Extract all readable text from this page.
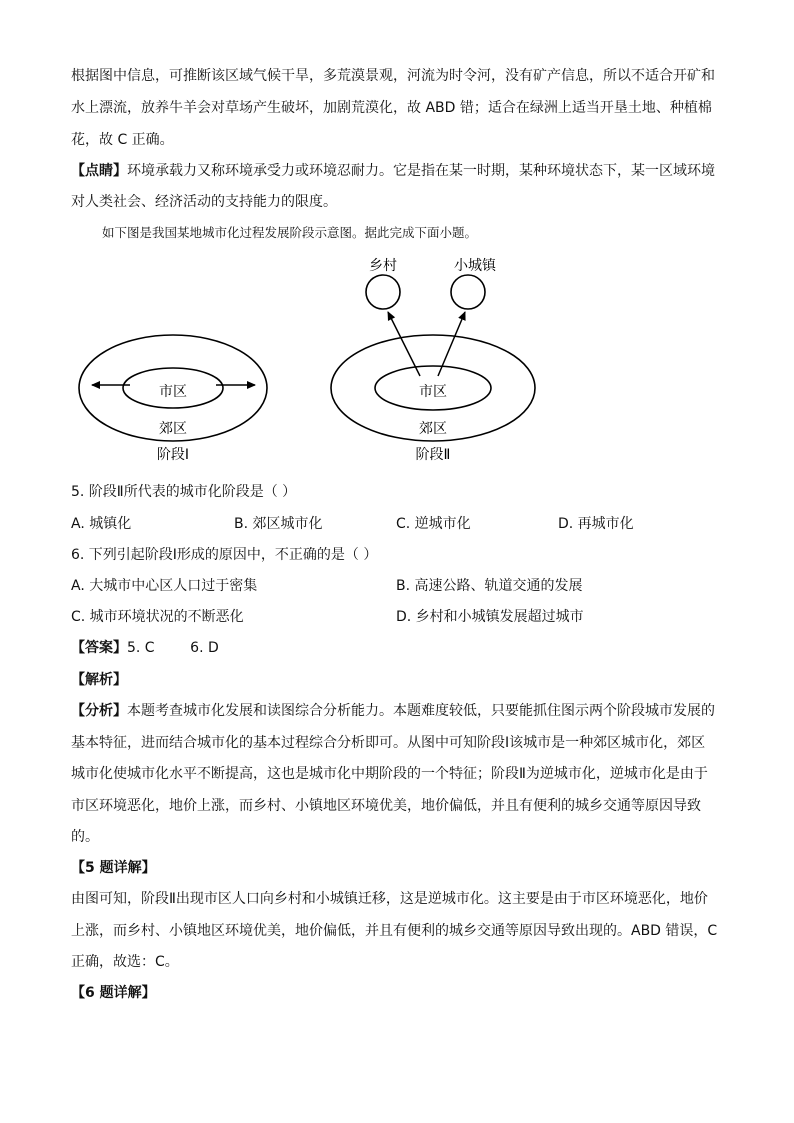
根据图中信息，可推断该区域气候干旱，多荒漠景观，河流为时令河，没有矿产信息，所以不适合开矿和
水上漂流，放养牛羊会对草场产生破坏，加剧荒漠化，故 ABD 错；适合在绿洲上适当开垦土地、种植棉
花，故 C 正确。
【点睛】环境承载力又称环境承受力或环境忍耐力。它是指在某一时期，某种环境状态下，某一区域环境
对人类社会、经济活动的支持能力的限度。
如下图是我国某地城市化过程发展阶段示意图。据此完成下面小题。
市区
郊区
阶段Ⅰ
乡村	小城镇
市区
郊区
阶段Ⅱ
5. 阶段Ⅱ所代表的城市化阶段是（ ）
A. 城镇化	B. 郊区城市化	C. 逆城市化	D. 再城市化
6. 下列引起阶段Ⅰ形成的原因中，不正确的是（ ）
A. 大城市中心区人口过于密集	B. 高速公路、轨道交通的发展
C. 城市环境状况的不断恶化	D. 乡村和小城镇发展超过城市
【答案】5. C        6. D
【解析】
【分析】本题考查城市化发展和读图综合分析能力。本题难度较低，只要能抓住图示两个阶段城市发展的
基本特征，进而结合城市化的基本过程综合分析即可。从图中可知阶段Ⅰ该城市是一种郊区城市化，郊区
城市化使城市化水平不断提高，这也是城市化中期阶段的一个特征；阶段Ⅱ为逆城市化，逆城市化是由于
市区环境恶化，地价上涨，而乡村、小镇地区环境优美，地价偏低，并且有便利的城乡交通等原因导致
的。
【5 题详解】
由图可知，阶段Ⅱ出现市区人口向乡村和小城镇迁移，这是逆城市化。这主要是由于市区环境恶化，地价
上涨，而乡村、小镇地区环境优美，地价偏低，并且有便利的城乡交通等原因导致出现的。ABD 错误，C
正确，故选：C。
【6 题详解】
